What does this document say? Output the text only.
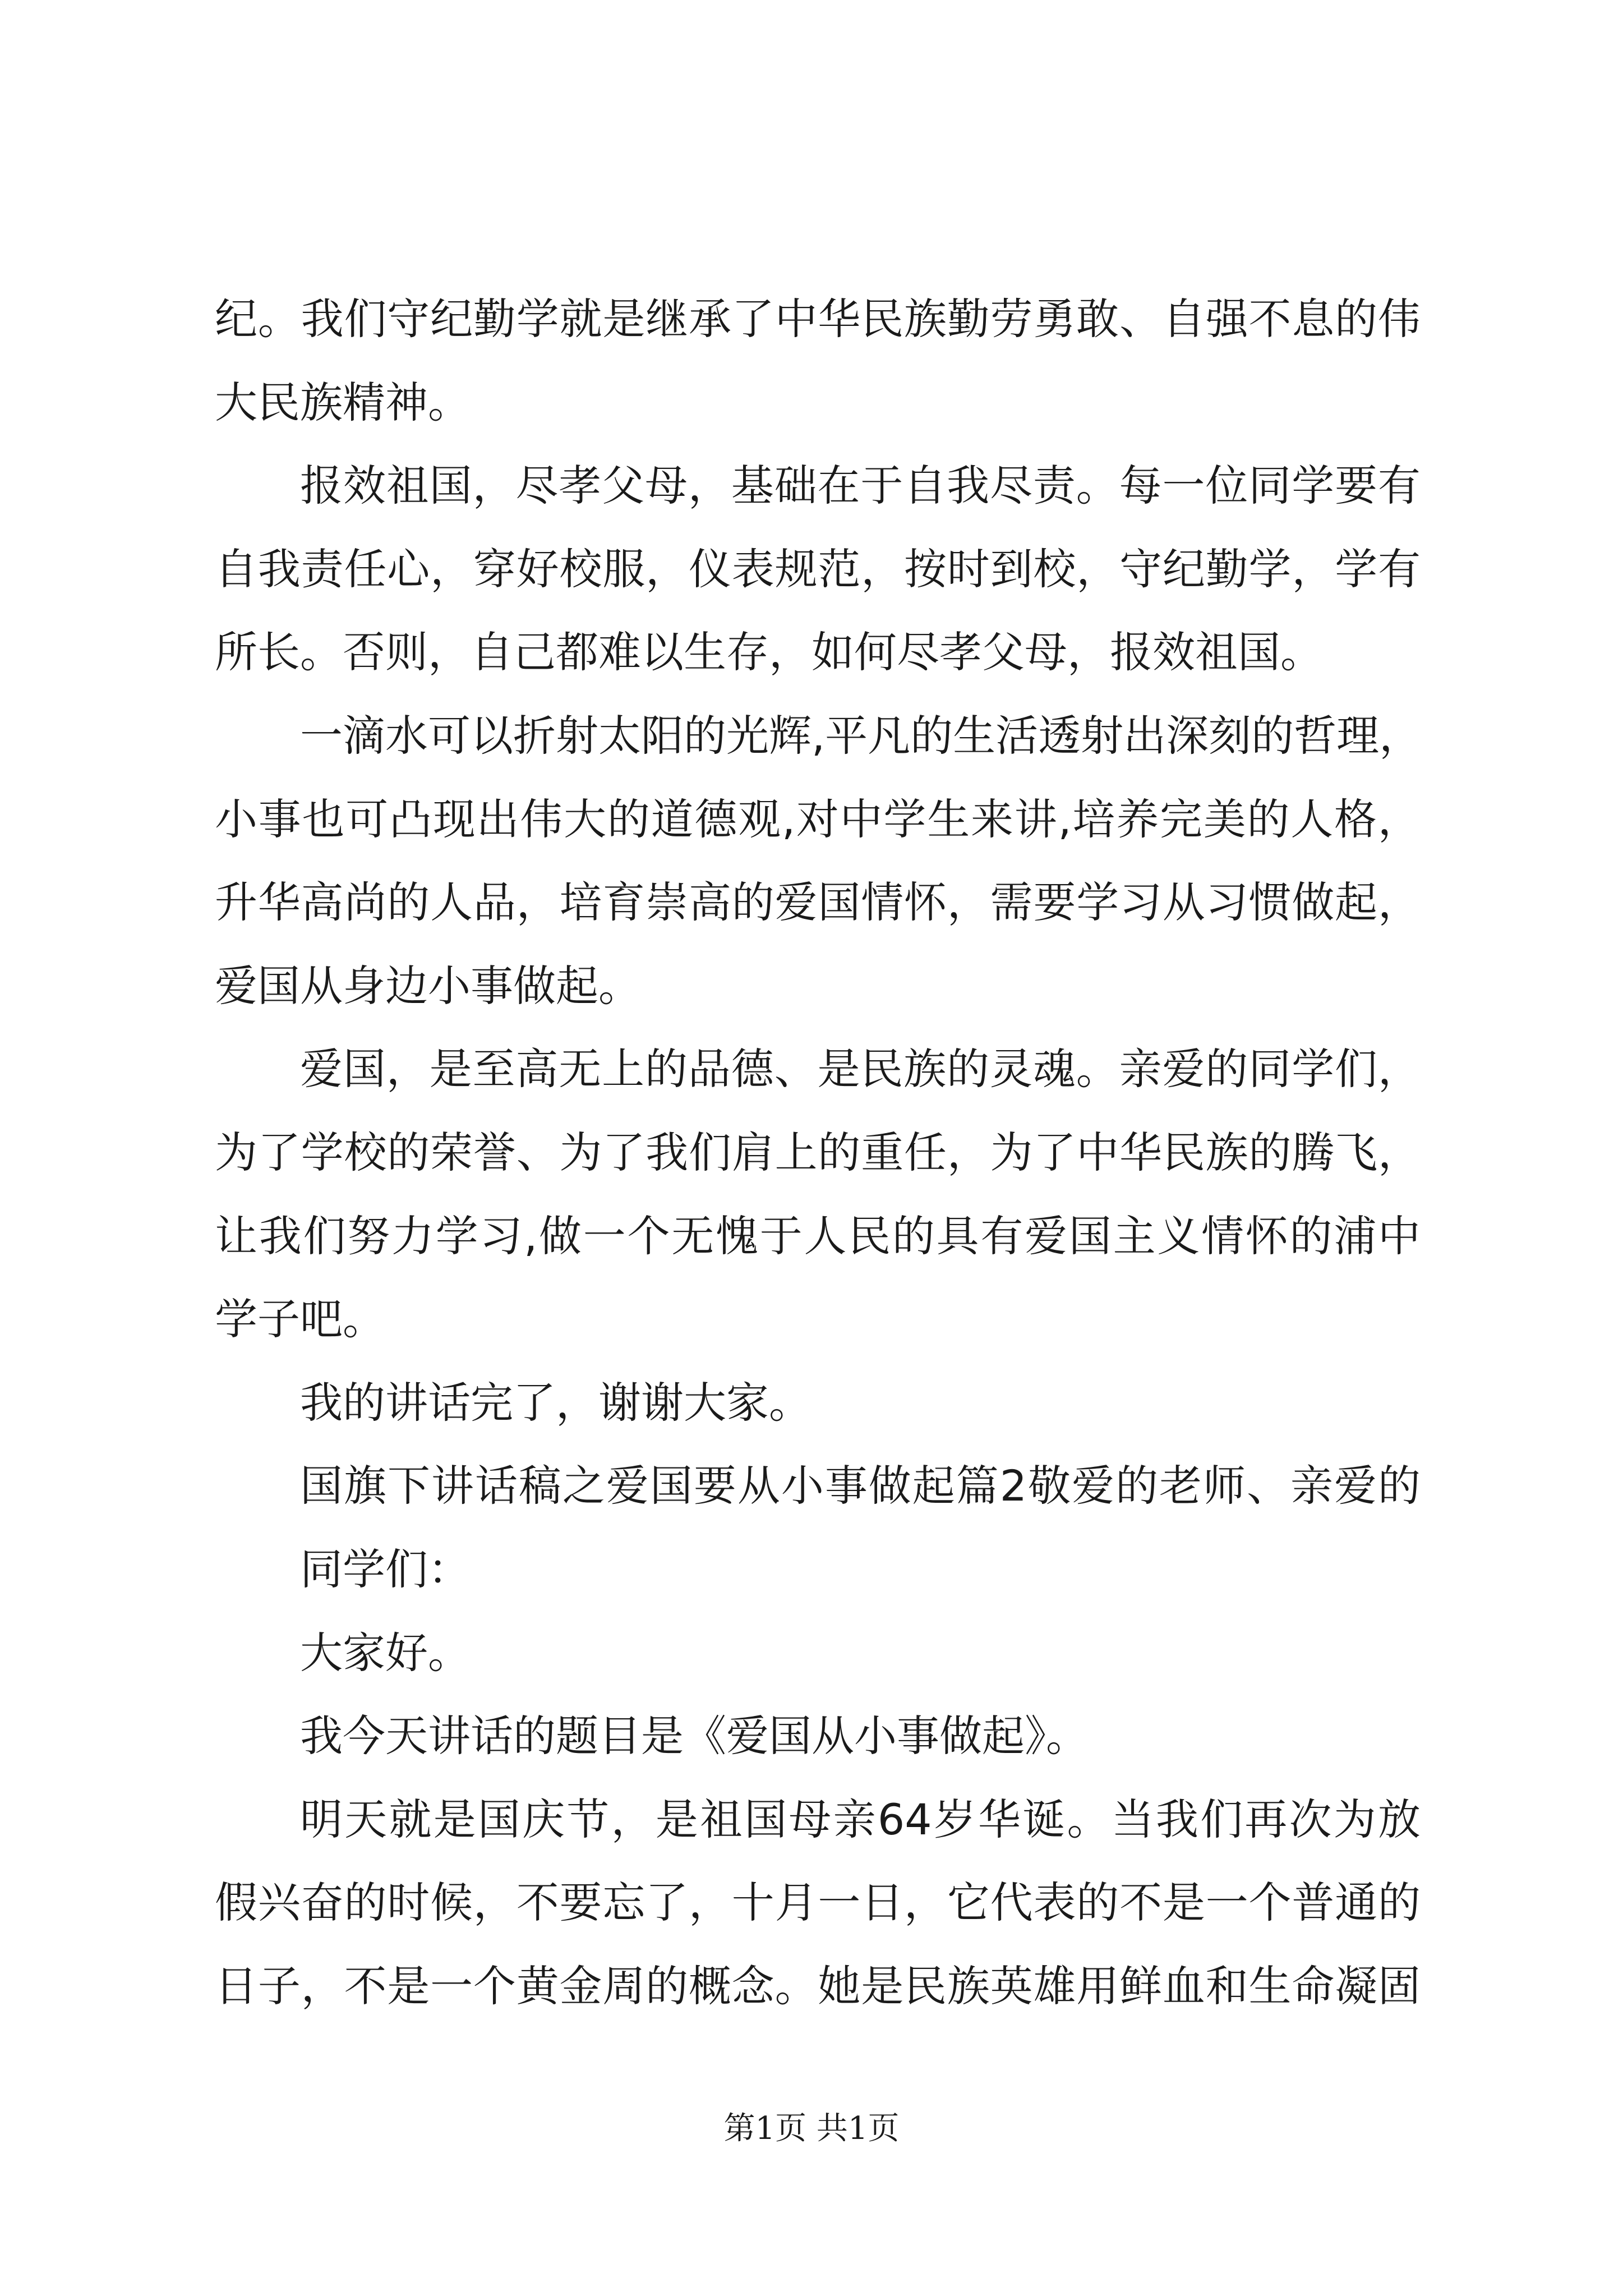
纪 。 我 们 守 纪 勤 学 就 是 继 承 了 中 华 民 族 勤 劳 勇 敢 、 自 强 不 息 的 伟
大民族精神。
报 效 祖 国 ， 尽 孝 父 母 ， 基 础 在 于 自 我 尽 责 。 每 一 位 同 学 要 有
自 我 责 任 心 ， 穿 好 校 服 ， 仪 表 规 范 ， 按 时 到 校 ， 守 纪 勤 学 ， 学 有
所长。否则，自己都难以生存，如何尽孝父母，报效祖国。
一 滴 水 可 以 折 射 太 阳 的 光 辉 , 平 凡 的 生 活 透 射 出 深 刻 的 哲 理 ，
小 事 也 可 凸 现 出 伟 大 的 道 德 观 , 对 中 学 生 来 讲 , 培 养 完 美 的 人 格 ，
升 华 高 尚 的 人 品 ， 培 育 崇 高 的 爱 国 情 怀 ， 需 要 学 习 从 习 惯 做 起 ，
爱国从身边小事做起。
爱 国 ， 是 至 高 无 上 的 品 德 、 是 民 族 的 灵 魂 。 亲 爱 的 同 学 们 ，
为 了 学 校 的 荣 誉 、 为 了 我 们 肩 上 的 重 任 ， 为 了 中 华 民 族 的 腾 飞 ，
让 我 们 努 力 学 习 , 做 一 个 无 愧 于 人 民 的 具 有 爱 国 主 义 情 怀 的 浦 中
学子吧。
我的讲话完了，谢谢大家。
国 旗 下 讲 话 稿 之 爱 国 要 从 小 事 做 起 篇 2 敬 爱 的 老 师 、 亲 爱 的
同学们：
大家好。
我今天讲话的题目是《爱国从小事做起》。
明 天 就 是 国 庆 节 ， 是 祖 国 母 亲 64 岁 华 诞 。 当 我 们 再 次 为 放
假 兴 奋 的 时 候 ， 不 要 忘 了 ， 十 月 一 日 ， 它 代 表 的 不 是 一 个 普 通 的
日 子 ， 不 是 一 个 黄 金 周 的 概 念 。 她 是 民 族 英 雄 用 鲜 血 和 生 命 凝 固
第1页 共1页
